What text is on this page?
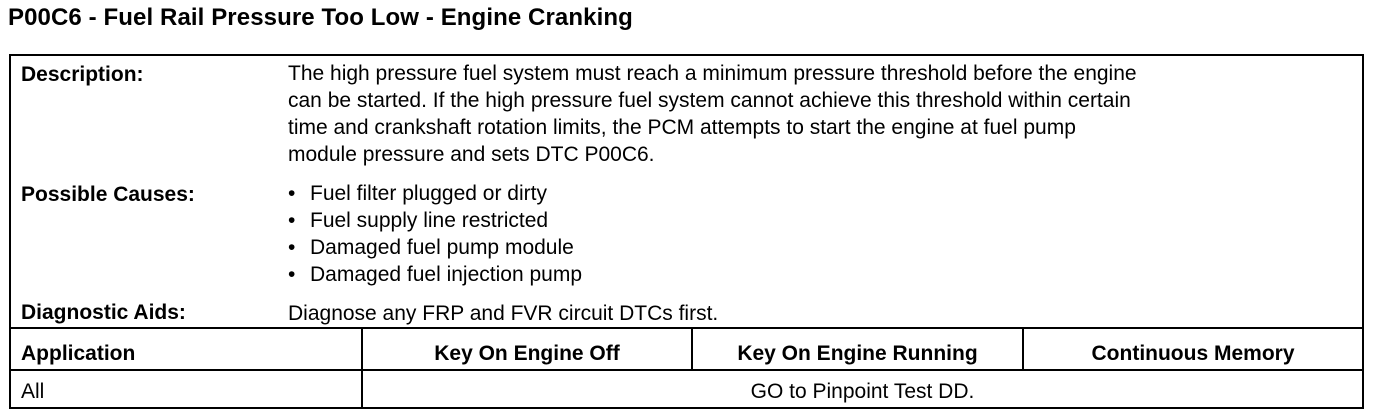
P00C6 - Fuel Rail Pressure Too Low - Engine Cranking
Description:	The high pressure fuel system must reach a minimum pressure threshold before the engine
can be started. If the high pressure fuel system cannot achieve this threshold within certain
time and crankshaft rotation limits, the PCM attempts to start the engine at fuel pump
module pressure and sets DTC P00C6.
Possible Causes:
•	Fuel filter plugged or dirty
• Fuel supply line restricted
• Damaged fuel pump module
• Damaged fuel injection pump
Diagnostic Aids:	Diagnose any FRP and FVR circuit DTCs first.
Application	Key On Engine Off	Key On Engine Running	Continuous Memory
All	GO to Pinpoint Test DD.
